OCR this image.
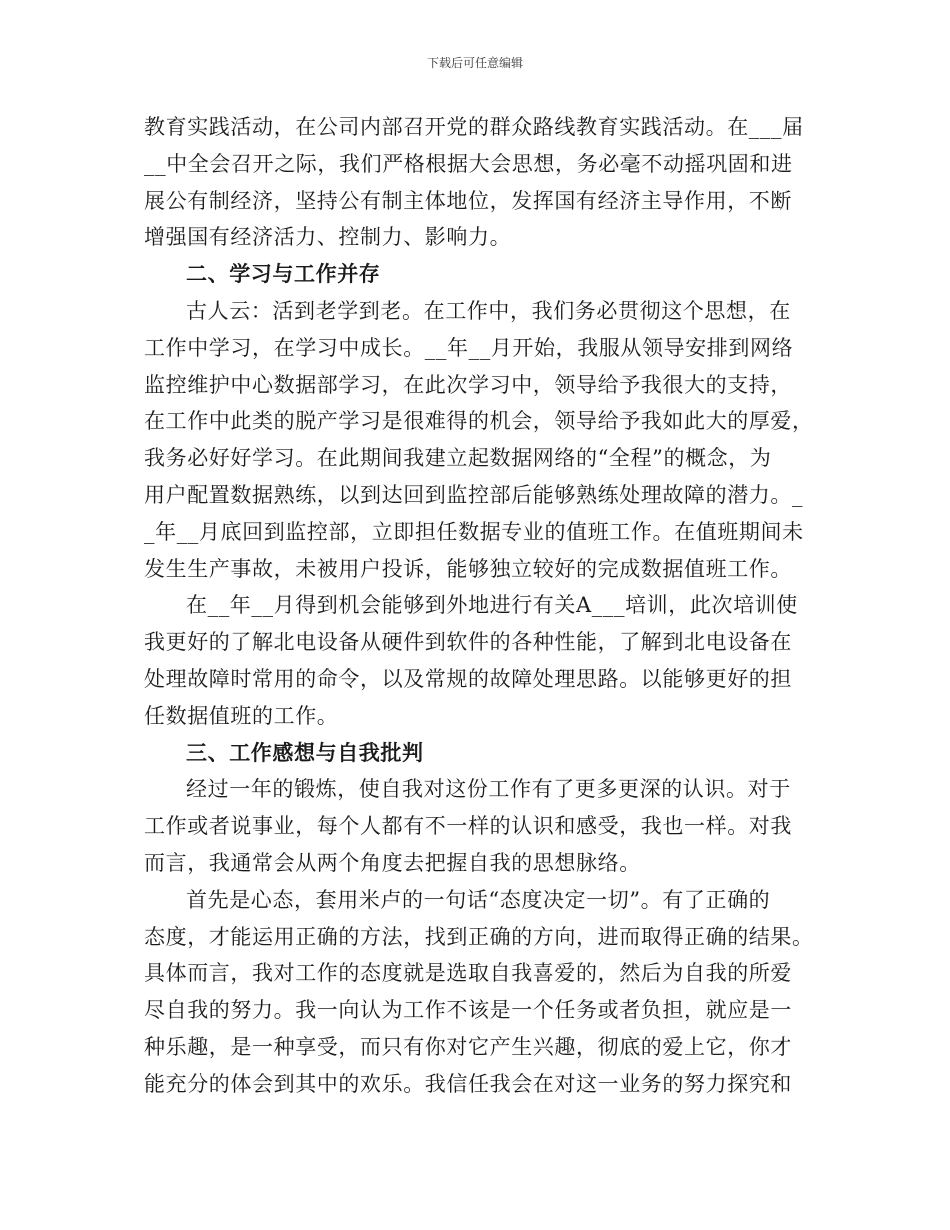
下载后可任意编辑
教育实践活动，在公司内部召开党的群众路线教育实践活动。在___届
__中全会召开之际，我们严格根据大会思想，务必毫不动摇巩固和进
展公有制经济，坚持公有制主体地位，发挥国有经济主导作用，不断
增强国有经济活力、控制力、影响力。
二、学习与工作并存
古人云：活到老学到老。在工作中，我们务必贯彻这个思想，在
工作中学习，在学习中成长。__年__月开始，我服从领导安排到网络
监控维护中心数据部学习，在此次学习中，领导给予我很大的支持，
在工作中此类的脱产学习是很难得的机会，领导给予我如此大的厚爱，
我务必好好学习。在此期间我建立起数据网络的“全程”的概念，为
用户配置数据熟练，以到达回到监控部后能够熟练处理故障的潜力。_
_年__月底回到监控部，立即担任数据专业的值班工作。在值班期间未
发生生产事故，未被用户投诉，能够独立较好的完成数据值班工作。
在__年__月得到机会能够到外地进行有关A___培训，此次培训使
我更好的了解北电设备从硬件到软件的各种性能，了解到北电设备在
处理故障时常用的命令，以及常规的故障处理思路。以能够更好的担
任数据值班的工作。
三、工作感想与自我批判
经过一年的锻炼，使自我对这份工作有了更多更深的认识。对于
工作或者说事业，每个人都有不一样的认识和感受，我也一样。对我
而言，我通常会从两个角度去把握自我的思想脉络。
首先是心态，套用米卢的一句话“态度决定一切”。有了正确的
态度，才能运用正确的方法，找到正确的方向，进而取得正确的结果。
具体而言，我对工作的态度就是选取自我喜爱的，然后为自我的所爱
尽自我的努力。我一向认为工作不该是一个任务或者负担，就应是一
种乐趣，是一种享受，而只有你对它产生兴趣，彻底的爱上它，你才
能充分的体会到其中的欢乐。我信任我会在对这一业务的努力探究和
